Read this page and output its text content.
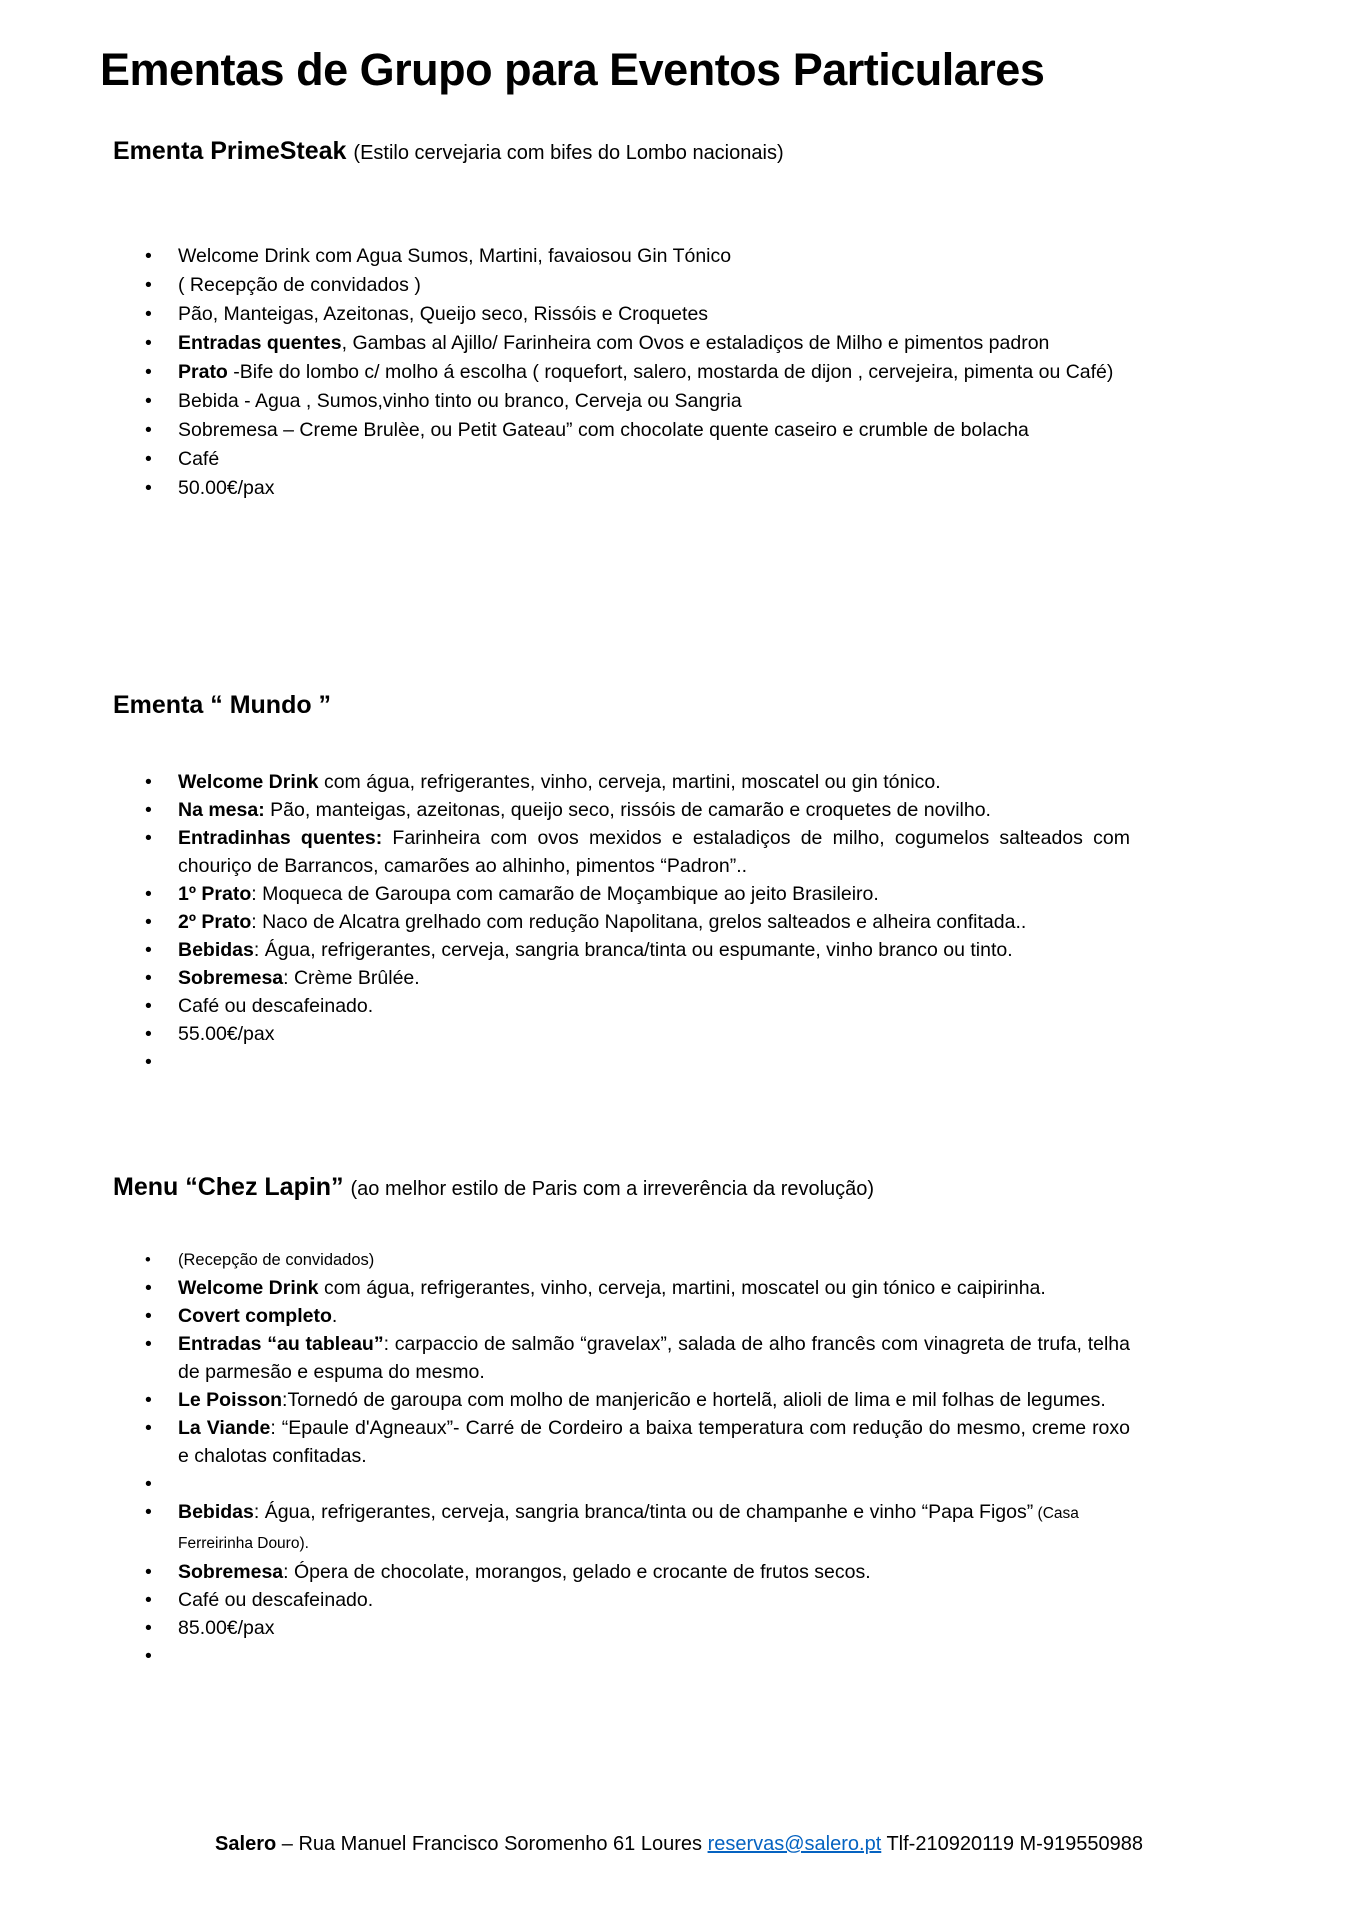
Ementas de Grupo para Eventos Particulares
Ementa PrimeSteak (Estilo cervejaria com bifes do Lombo nacionais)
• Welcome Drink com Agua Sumos, Martini, favaiosou Gin Tónico
• ( Recepção de convidados )
• Pão, Manteigas, Azeitonas, Queijo seco, Rissóis e Croquetes
• Entradas quentes, Gambas al Ajillo/ Farinheira com Ovos e estaladiços de Milho e pimentos padron
• Prato -Bife do lombo c/ molho á escolha ( roquefort, salero, mostarda de dijon , cervejeira, pimenta ou Café)
• Bebida - Agua , Sumos,vinho tinto ou branco, Cerveja ou Sangria
• Sobremesa – Creme Brulèe, ou Petit Gateau” com chocolate quente caseiro e crumble de bolacha
• Café
• 50.00€/pax
Ementa “ Mundo ”
• Welcome Drink com água, refrigerantes, vinho, cerveja, martini, moscatel ou gin tónico.
• Na mesa: Pão, manteigas, azeitonas, queijo seco, rissóis de camarão e croquetes de novilho.
• Entradinhas quentes: Farinheira com ovos mexidos e estaladiços de milho, cogumelos salteados com chouriço de Barrancos, camarões ao alhinho, pimentos “Padron”..
• 1º Prato: Moqueca de Garoupa com camarão de Moçambique ao jeito Brasileiro.
• 2º Prato: Naco de Alcatra grelhado com redução Napolitana, grelos salteados e alheira confitada..
• Bebidas: Água, refrigerantes, cerveja, sangria branca/tinta ou espumante, vinho branco ou tinto.
• Sobremesa: Crème Brûlée.
• Café ou descafeinado.
• 55.00€/pax
•
Menu “Chez Lapin” (ao melhor estilo de Paris com a irreverência da revolução)
• (Recepção de convidados)
• Welcome Drink com água, refrigerantes, vinho, cerveja, martini, moscatel ou gin tónico e caipirinha.
• Covert completo.
• Entradas “au tableau”: carpaccio de salmão “gravelax”, salada de alho francês com vinagreta de trufa, telha de parmesão e espuma do mesmo.
• Le Poisson:Tornedó de garoupa com molho de manjericão e hortelã, alioli de lima e mil folhas de legumes.
• La Viande: “Epaule d'Agneaux”- Carré de Cordeiro a baixa temperatura com redução do mesmo, creme roxo e chalotas confitadas.
•
• Bebidas: Água, refrigerantes, cerveja, sangria branca/tinta ou de champanhe e vinho “Papa Figos” (Casa Ferreirinha Douro).
• Sobremesa: Ópera de chocolate, morangos, gelado e crocante de frutos secos.
• Café ou descafeinado.
• 85.00€/pax
•
Salero – Rua Manuel Francisco Soromenho 61 Loures reservas@salero.pt Tlf-210920119 M-919550988
